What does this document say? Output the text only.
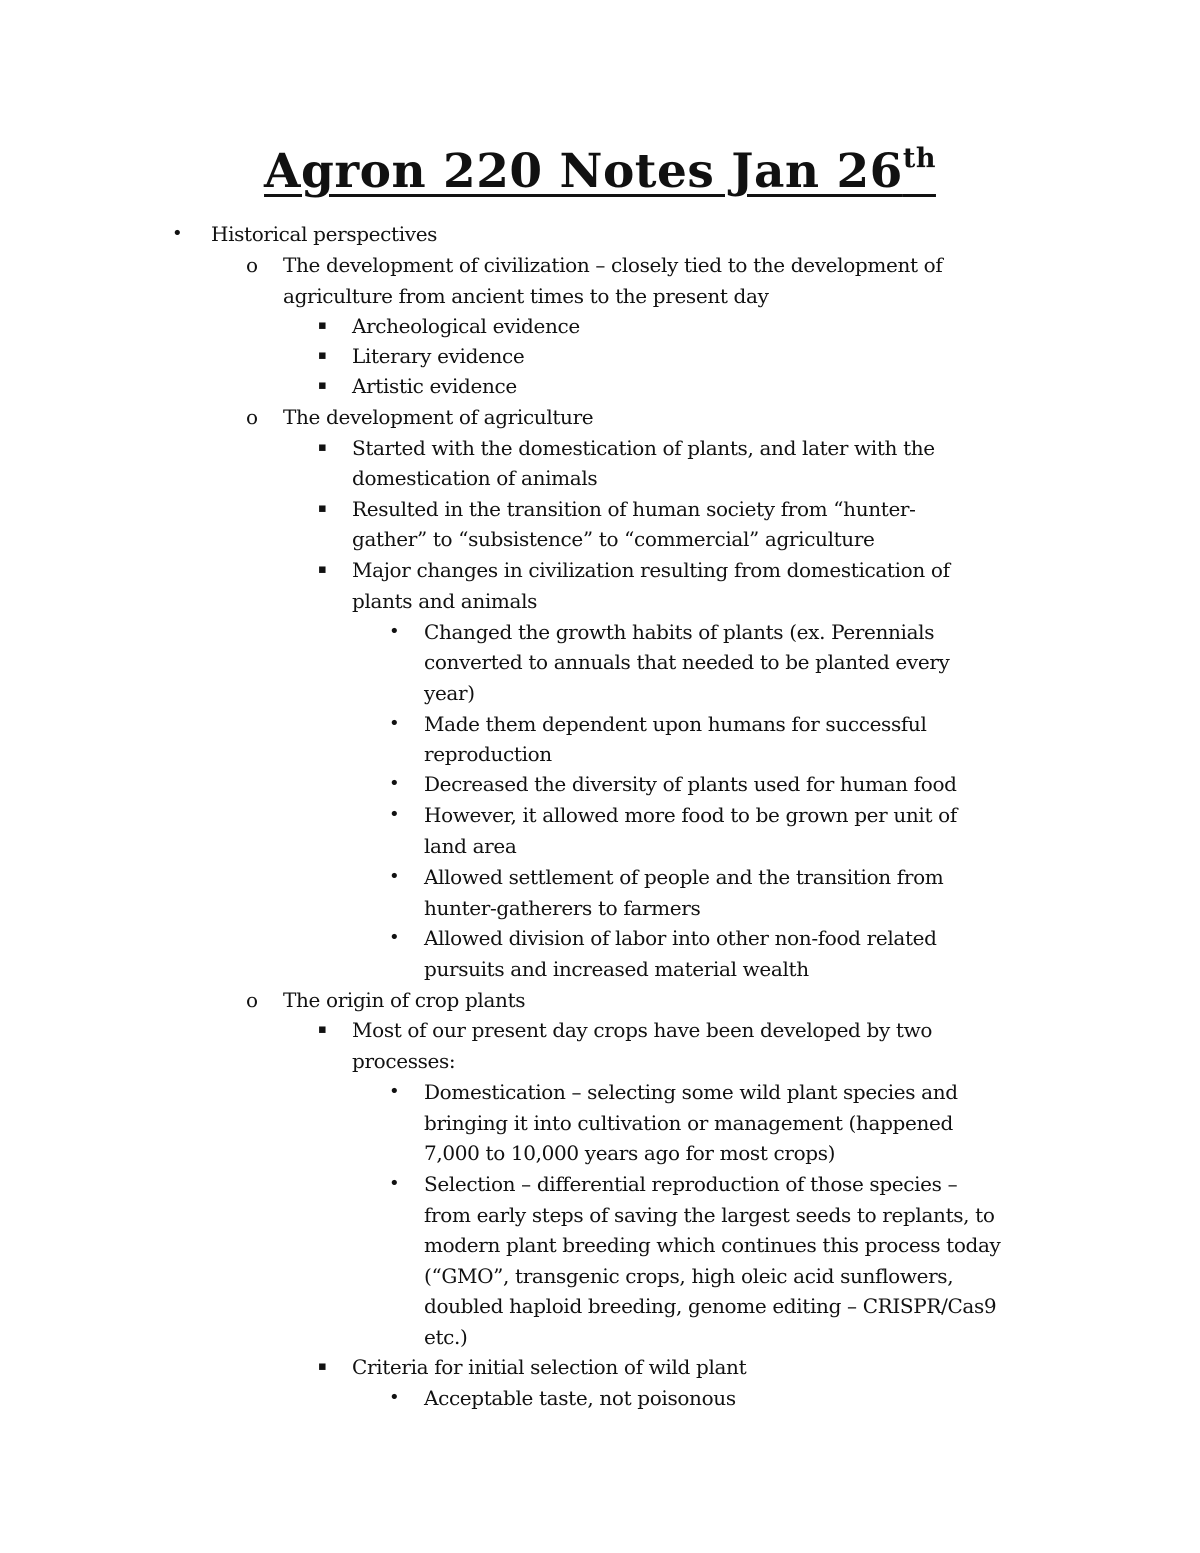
Agron 220 Notes Jan 26th
• Historical perspectives
o The development of civilization – closely tied to the development of
agriculture from ancient times to the present day
▪ Archeological evidence
▪ Literary evidence
▪ Artistic evidence
o The development of agriculture
▪ Started with the domestication of plants, and later with the
domestication of animals
▪ Resulted in the transition of human society from “hunter-
gather” to “subsistence” to “commercial” agriculture
▪ Major changes in civilization resulting from domestication of
plants and animals
• Changed the growth habits of plants (ex. Perennials
converted to annuals that needed to be planted every
year)
• Made them dependent upon humans for successful
reproduction
• Decreased the diversity of plants used for human food
• However, it allowed more food to be grown per unit of
land area
• Allowed settlement of people and the transition from
hunter-gatherers to farmers
• Allowed division of labor into other non-food related
pursuits and increased material wealth
o The origin of crop plants
▪ Most of our present day crops have been developed by two
processes:
• Domestication – selecting some wild plant species and
bringing it into cultivation or management (happened
7,000 to 10,000 years ago for most crops)
• Selection – differential reproduction of those species –
from early steps of saving the largest seeds to replants, to
modern plant breeding which continues this process today
(“GMO”, transgenic crops, high oleic acid sunflowers,
doubled haploid breeding, genome editing – CRISPR/Cas9
etc.)
▪ Criteria for initial selection of wild plant
• Acceptable taste, not poisonous
